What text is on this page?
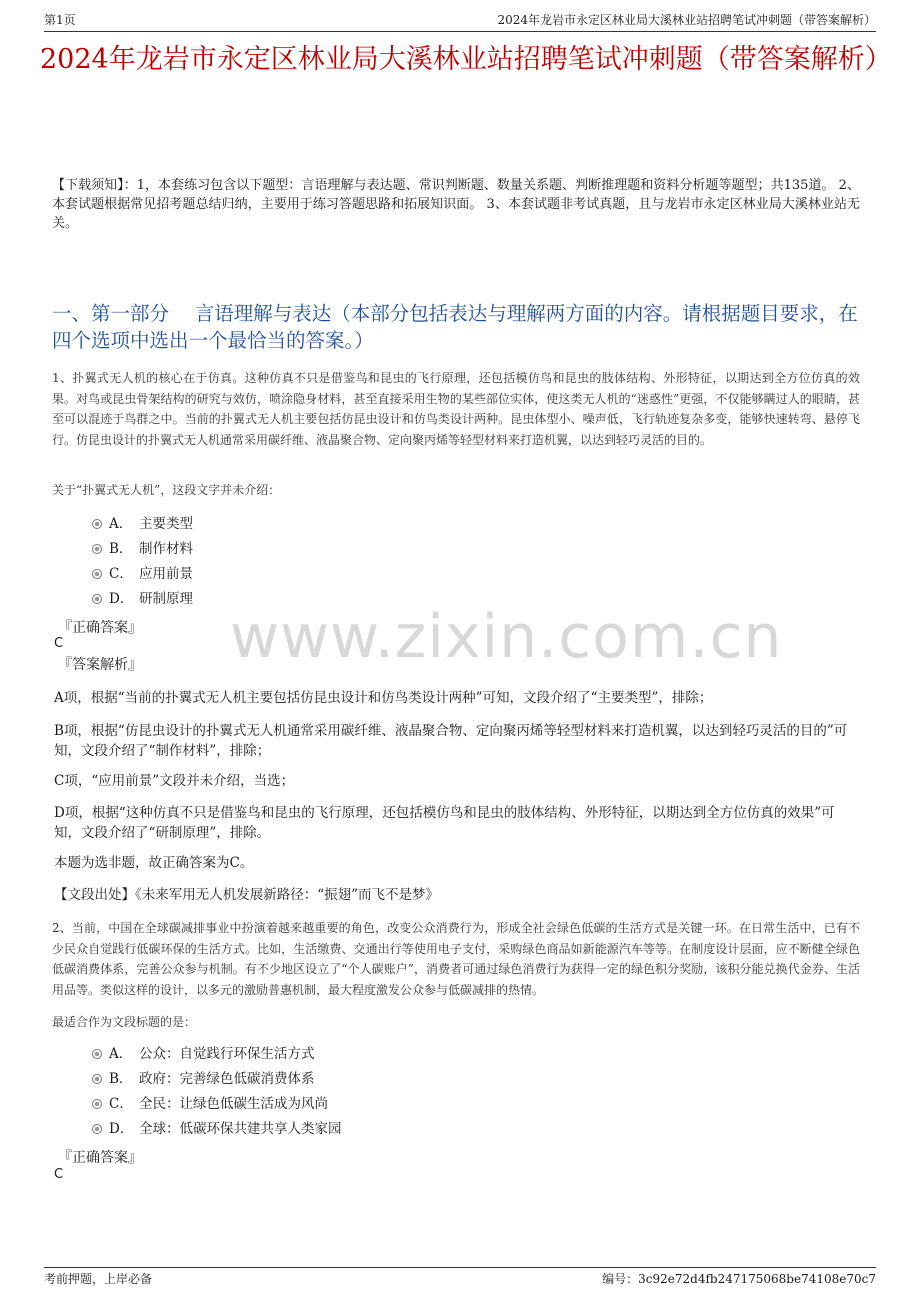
第1页	2024年龙岩市永定区林业局大溪林业站招聘笔试冲刺题（带答案解析）
2024年龙岩市永定区林业局大溪林业站招聘笔试冲刺题（带答案解析）
【下载须知】：1，本套练习包含以下题型：言语理解与表达题、常识判断题、数量关系题、判断推理题和资料分析题等题型；共135道。 2、本套试题根据常见招考题总结归纳，主要用于练习答题思路和拓展知识面。 3、本套试题非考试真题，且与龙岩市永定区林业局大溪林业站无关。
一、第一部分　 言语理解与表达（本部分包括表达与理解两方面的内容。请根据题目要求，在四个选项中选出一个最恰当的答案。）
www.zixin.com.cn
1、扑翼式无人机的核心在于仿真。这种仿真不只是借鉴鸟和昆虫的飞行原理，还包括模仿鸟和昆虫的肢体结构、外形特征，以期达到全方位仿真的效果。对鸟或昆虫骨架结构的研究与效仿，喷涂隐身材料，甚至直接采用生物的某些部位实体，使这类无人机的“迷惑性”更强，不仅能够瞒过人的眼睛，甚至可以混迹于鸟群之中。当前的扑翼式无人机主要包括仿昆虫设计和仿鸟类设计两种。昆虫体型小、噪声低，飞行轨迹复杂多变，能够快速转弯、悬停飞行。仿昆虫设计的扑翼式无人机通常采用碳纤维、液晶聚合物、定向聚丙烯等轻型材料来打造机翼，以达到轻巧灵活的目的。
关于“扑翼式无人机”，这段文字并未介绍：
A． 主要类型
B． 制作材料
C． 应用前景
D． 研制原理
『正确答案』
C
『答案解析』
A项，根据“当前的扑翼式无人机主要包括仿昆虫设计和仿鸟类设计两种”可知，文段介绍了“主要类型”，排除；
B项，根据“仿昆虫设计的扑翼式无人机通常采用碳纤维、液晶聚合物、定向聚丙烯等轻型材料来打造机翼，以达到轻巧灵活的目的”可知，文段介绍了“制作材料”，排除；
C项，“应用前景”文段并未介绍，当选；
D项，根据“这种仿真不只是借鉴鸟和昆虫的飞行原理，还包括模仿鸟和昆虫的肢体结构、外形特征，以期达到全方位仿真的效果”可知，文段介绍了“研制原理”，排除。
本题为选非题，故正确答案为C。
【文段出处】《未来军用无人机发展新路径：“振翅”而飞不是梦》
2、当前，中国在全球碳减排事业中扮演着越来越重要的角色，改变公众消费行为，形成全社会绿色低碳的生活方式是关键一环。在日常生活中，已有不少民众自觉践行低碳环保的生活方式。比如，生活缴费、交通出行等使用电子支付，采购绿色商品如新能源汽车等等。在制度设计层面，应不断健全绿色低碳消费体系，完善公众参与机制。有不少地区设立了“个人碳账户”，消费者可通过绿色消费行为获得一定的绿色积分奖励，该积分能兑换代金券、生活用品等。类似这样的设计，以多元的激励普惠机制，最大程度激发公众参与低碳减排的热情。
最适合作为文段标题的是：
A． 公众：自觉践行环保生活方式
B． 政府：完善绿色低碳消费体系
C． 全民：让绿色低碳生活成为风尚
D． 全球：低碳环保共建共享人类家园
『正确答案』
C
考前押题，上岸必备	编号：3c92e72d4fb247175068be74108e70c7
